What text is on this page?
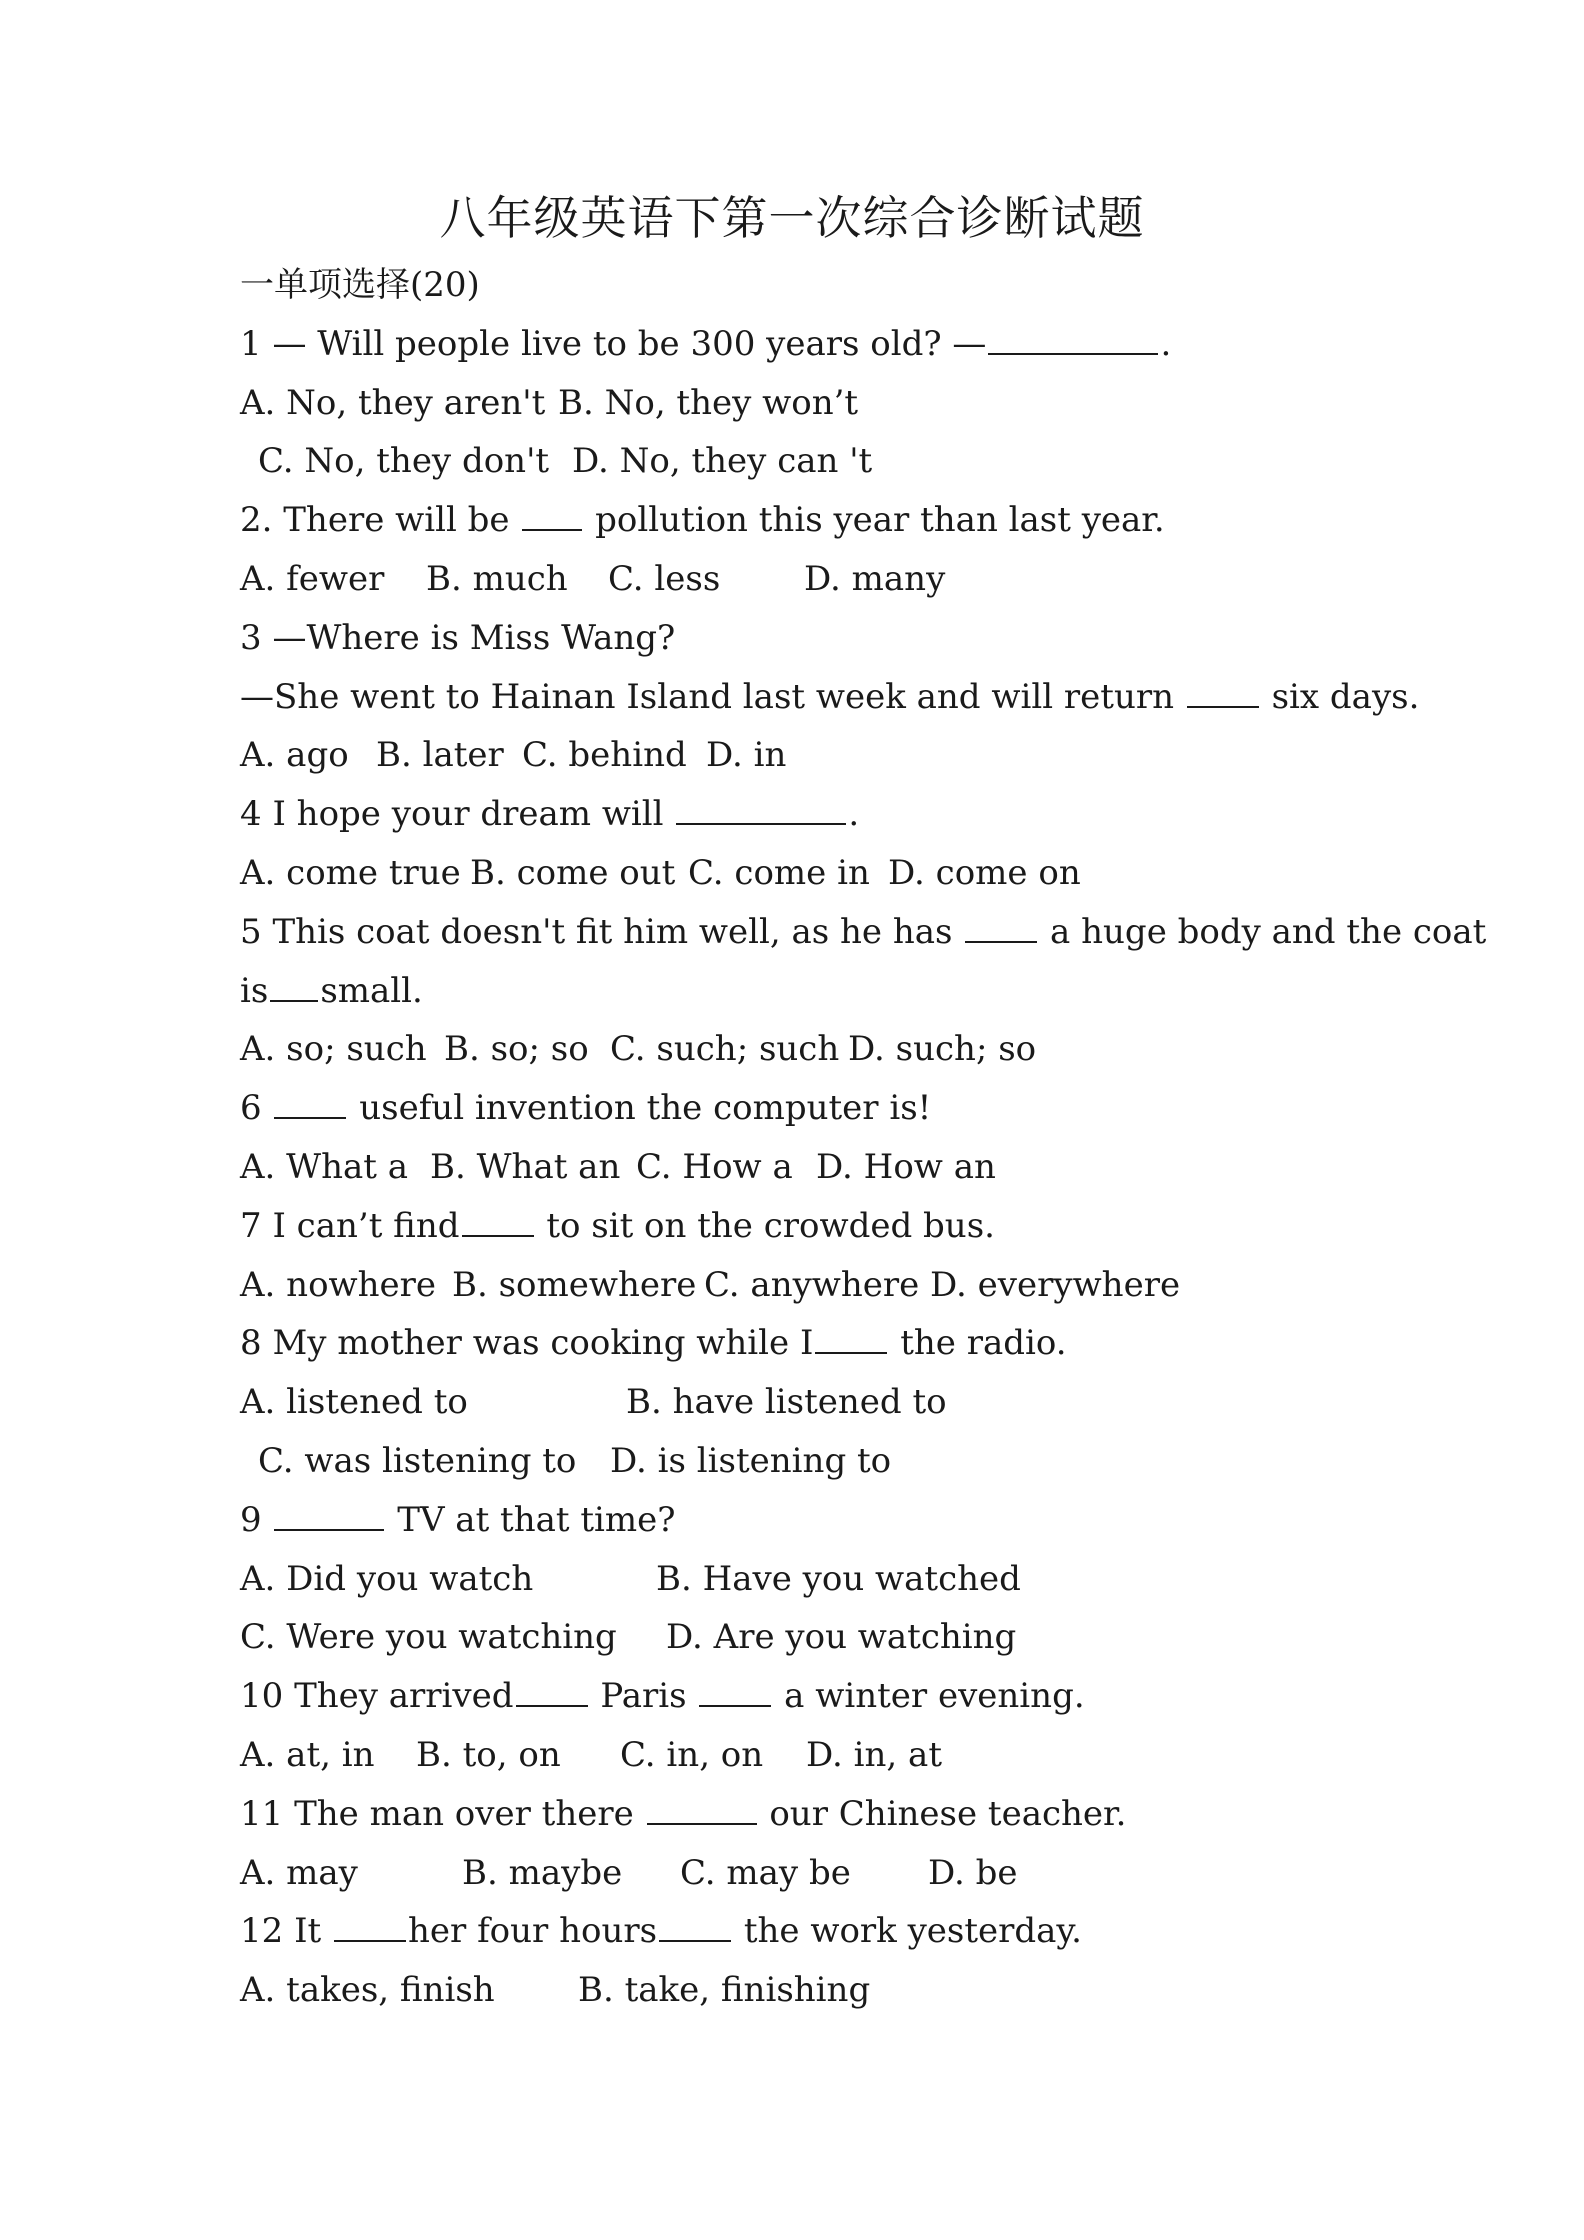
八年级英语下第一次综合诊断试题
一单项选择(20)
1 — Will people live to be 300 years old? —	.
A. No, they aren't B. No, they won’t
C. No, they don't D. No, they can 't
2. There will be  pollution this year than last year.
A. fewer B. much C. less D. many
3 —Where is Miss Wang?
—She went to Hainan Island last week and will return  six days.
A. ago B. later C. behind D. in
4 I hope your dream will	.
A. come true B. come out C. come in D. come on
5 This coat doesn't fit him well, as he has  a huge body and the coat
is small.
A. so; such B. so; so C. such; such D. such; so
6  useful invention the computer is!
A. What a B. What an C. How a D. How an
7 I can’t find to sit on the crowded bus.
A. nowhere B. somewhere C. anywhere D. everywhere
8 My mother was cooking while I the radio.
A. listened to	B. have listened to
C. was listening to D. is listening to
9	TV at that time?
A. Did you watch	B. Have you watched
C. Were you watching D. Are you watching
10 They arrived Paris  a winter evening.
A. at, in B. to, on C. in, on D. in, at
11 The man over there	our Chinese teacher.
A. may	B. maybe C. may be D. be
12 It her four hours the work yesterday.
A. takes, finish B. take, finishing
